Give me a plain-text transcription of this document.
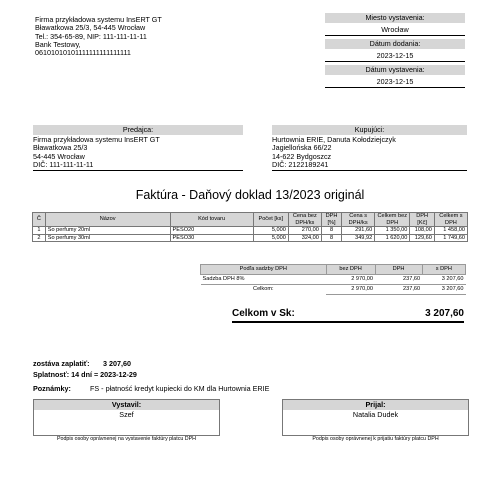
Firma przykładowa systemu InsERT GT
Bławatkowa 25/3, 54-445 Wrocław
Tel.: 354-65-89, NIP: 111-111-11-11
Bank Testowy,
06101010101111111111111111
Miesto vystavenia:
Wrocław
Dátum dodania:
2023-12-15
Dátum vystavenia:
2023-12-15
Predajca:
Firma przykładowa systemu InsERT GT
Bławatkowa 25/3
54-445 Wrocław
DIČ: 111-111-11-11
Kupujúci:
Hurtownia ERIE, Danuta Kołodziejczyk
Jagiellońska 66/22
14-622 Bydgoszcz
DIČ: 2122189241
Faktúra - Daňový doklad 13/2023 originál
Č	Názov	Kód tovaru	Počet [ks]	Cena bez DPH/ks	DPH [%]	Cena s DPH/ks	Celkem bez DPH	DPH [Kč]	Celkem s DPH
1	So perfumy 20ml	PESO20	5,000	270,00	8	291,60	1 350,00	108,00	1 458,00
2	So perfumy 30ml	PESO30	5,000	324,00	8	349,92	1 620,00	129,60	1 749,60
Podľa sadzby DPH	bez DPH	DPH	s DPH
Sadzba DPH 8%	2 970,00	237,60	3 207,60
Celkom:	2 970,00	237,60	3 207,60
Celkom v Sk:	3 207,60
zostáva zaplatiť: 3 207,60
Splatnosť: 14 dní = 2023-12-29
Poznámky:	FS - płatność kredyt kupiecki do KM dla Hurtownia ERIE
Vystavil:
Szef
Podpis osoby oprávnenej na vystavenie faktúry platcu DPH
Prijal:
Natalia Dudek
Podpis osoby oprávnenej k prijatiu faktúry platcu DPH
